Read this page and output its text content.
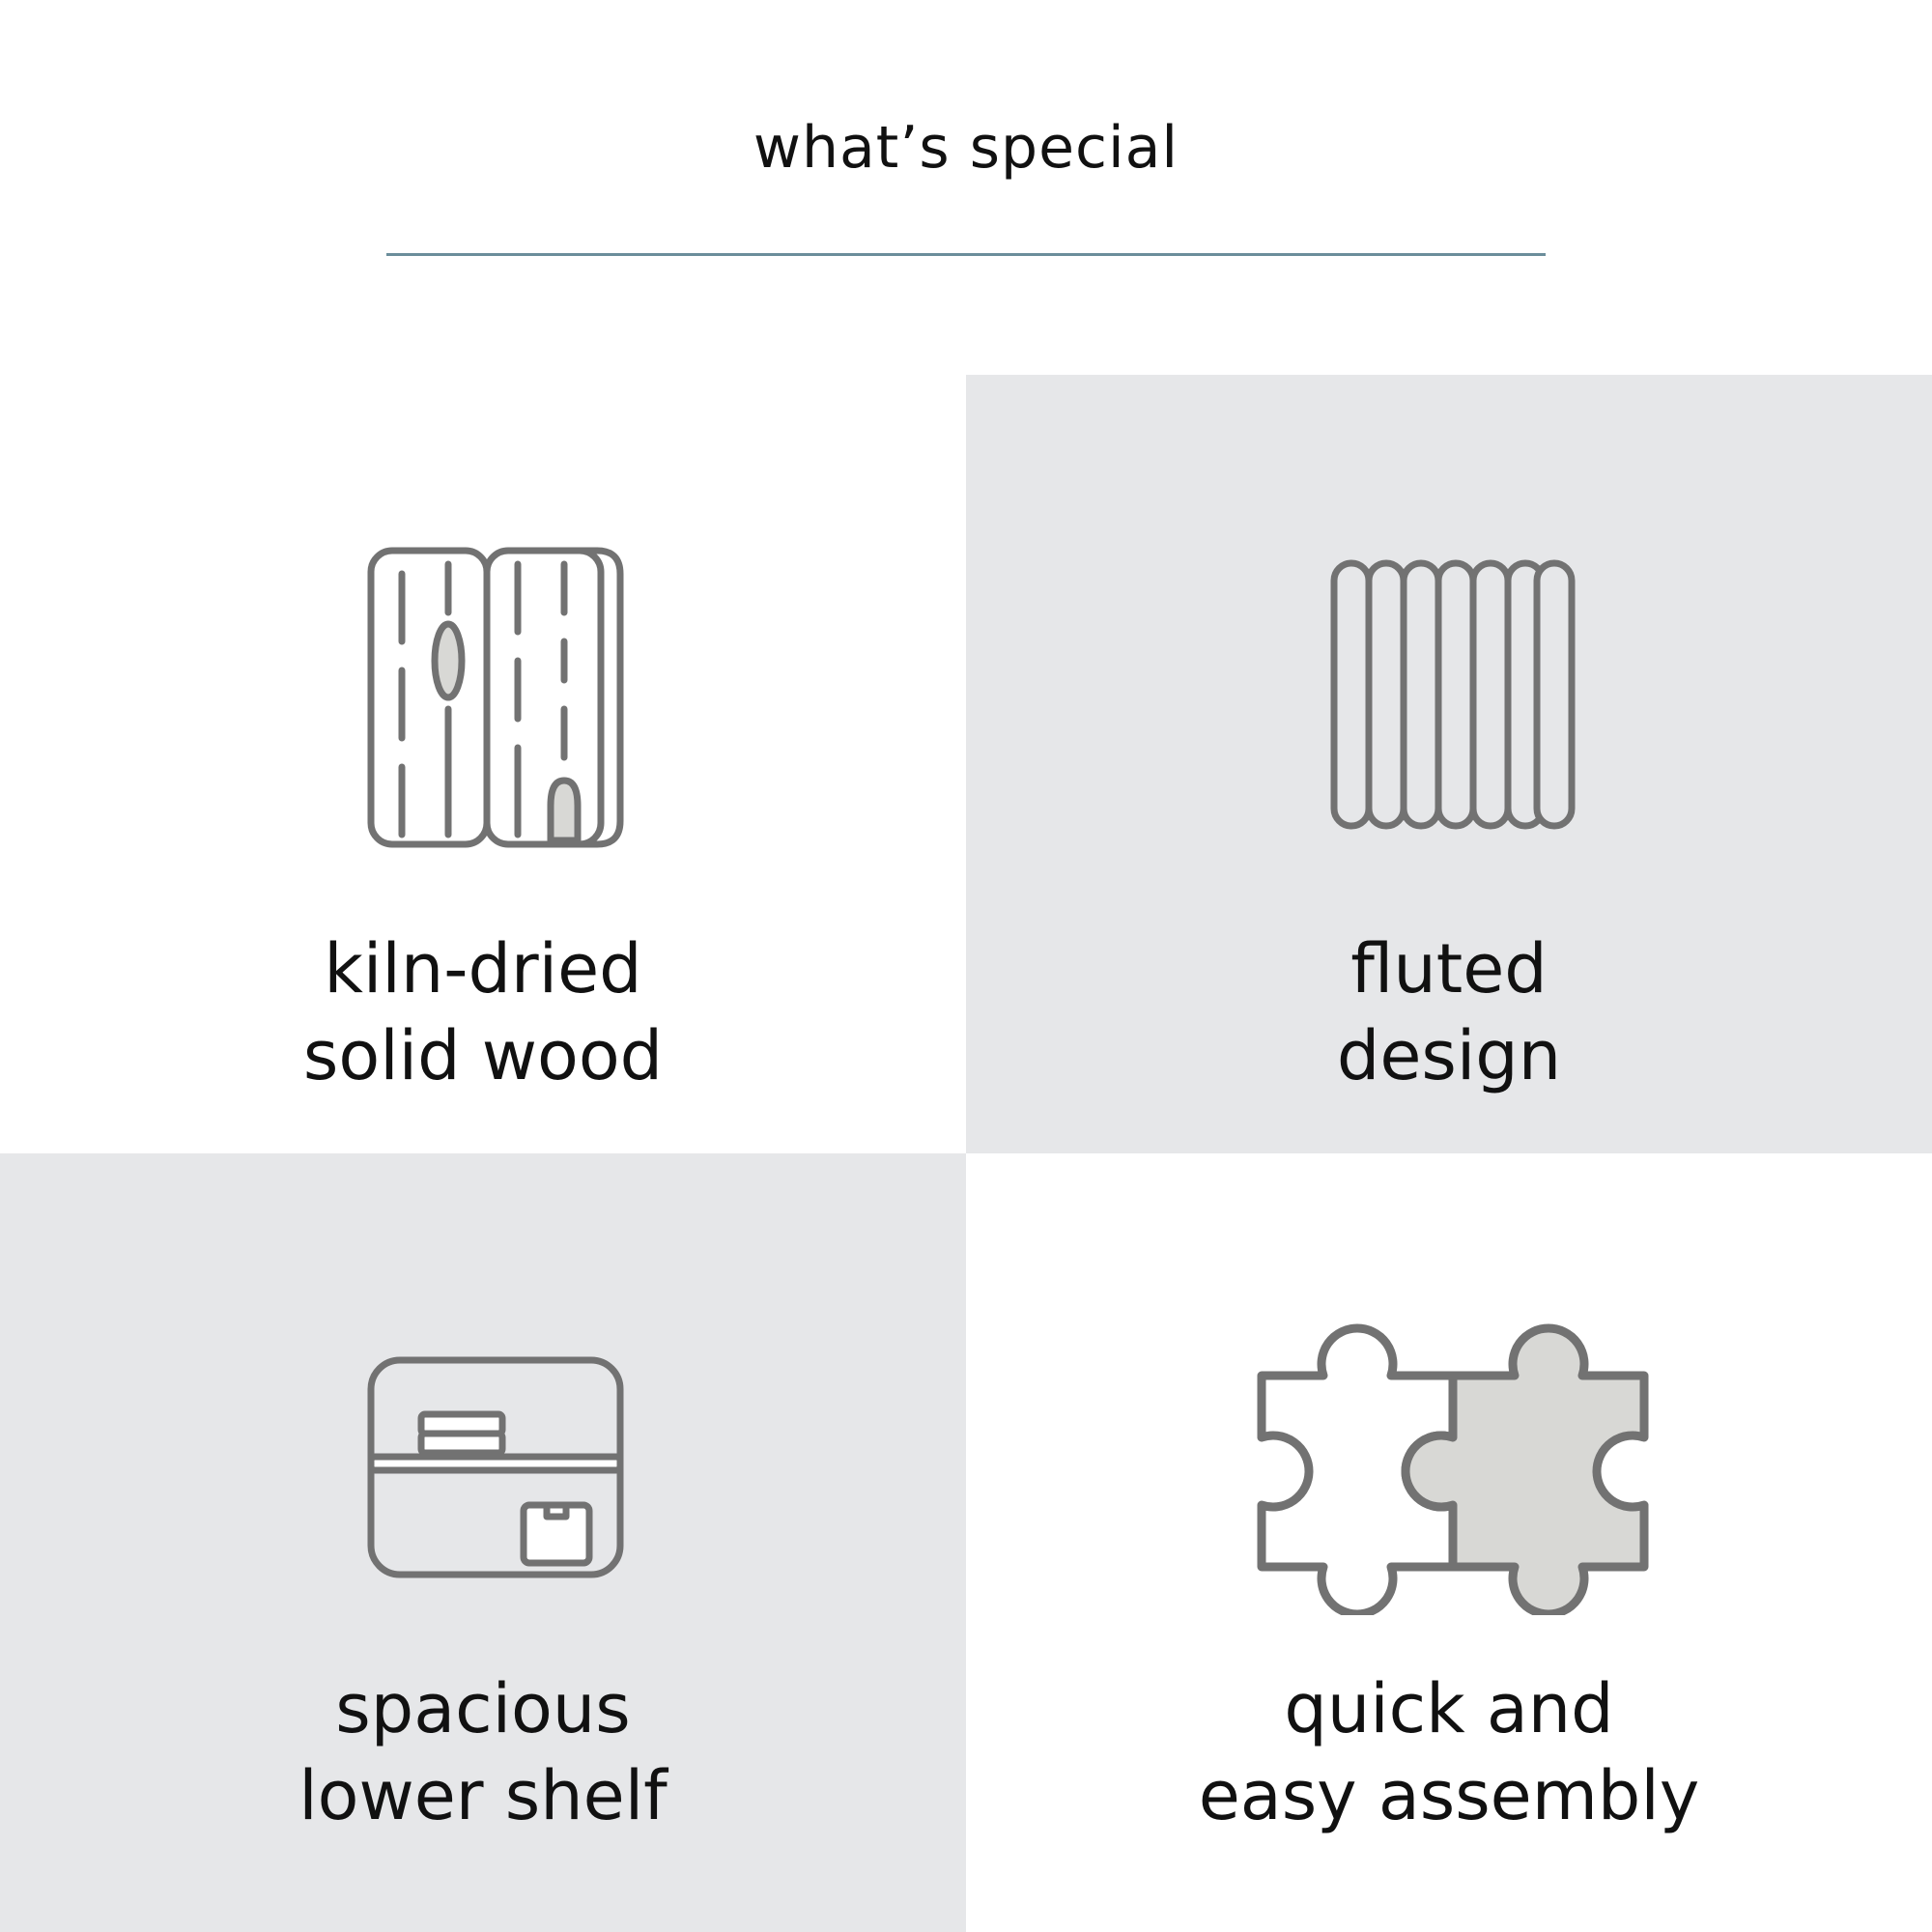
what’s special
kiln-dried
solid wood
fluted
design
spacious
lower shelf
quick and
easy assembly
